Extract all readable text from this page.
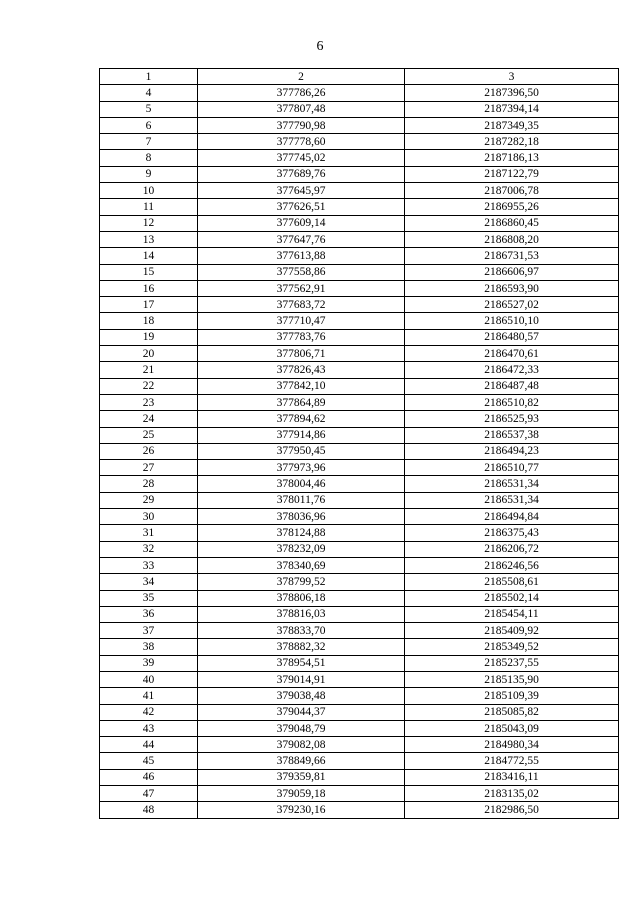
6
1	2	3
4	377786,26	2187396,50
5	377807,48	2187394,14
6	377790,98	2187349,35
7	377778,60	2187282,18
8	377745,02	2187186,13
9	377689,76	2187122,79
10	377645,97	2187006,78
11	377626,51	2186955,26
12	377609,14	2186860,45
13	377647,76	2186808,20
14	377613,88	2186731,53
15	377558,86	2186606,97
16	377562,91	2186593,90
17	377683,72	2186527,02
18	377710,47	2186510,10
19	377783,76	2186480,57
20	377806,71	2186470,61
21	377826,43	2186472,33
22	377842,10	2186487,48
23	377864,89	2186510,82
24	377894,62	2186525,93
25	377914,86	2186537,38
26	377950,45	2186494,23
27	377973,96	2186510,77
28	378004,46	2186531,34
29	378011,76	2186531,34
30	378036,96	2186494,84
31	378124,88	2186375,43
32	378232,09	2186206,72
33	378340,69	2186246,56
34	378799,52	2185508,61
35	378806,18	2185502,14
36	378816,03	2185454,11
37	378833,70	2185409,92
38	378882,32	2185349,52
39	378954,51	2185237,55
40	379014,91	2185135,90
41	379038,48	2185109,39
42	379044,37	2185085,82
43	379048,79	2185043,09
44	379082,08	2184980,34
45	378849,66	2184772,55
46	379359,81	2183416,11
47	379059,18	2183135,02
48	379230,16	2182986,50
